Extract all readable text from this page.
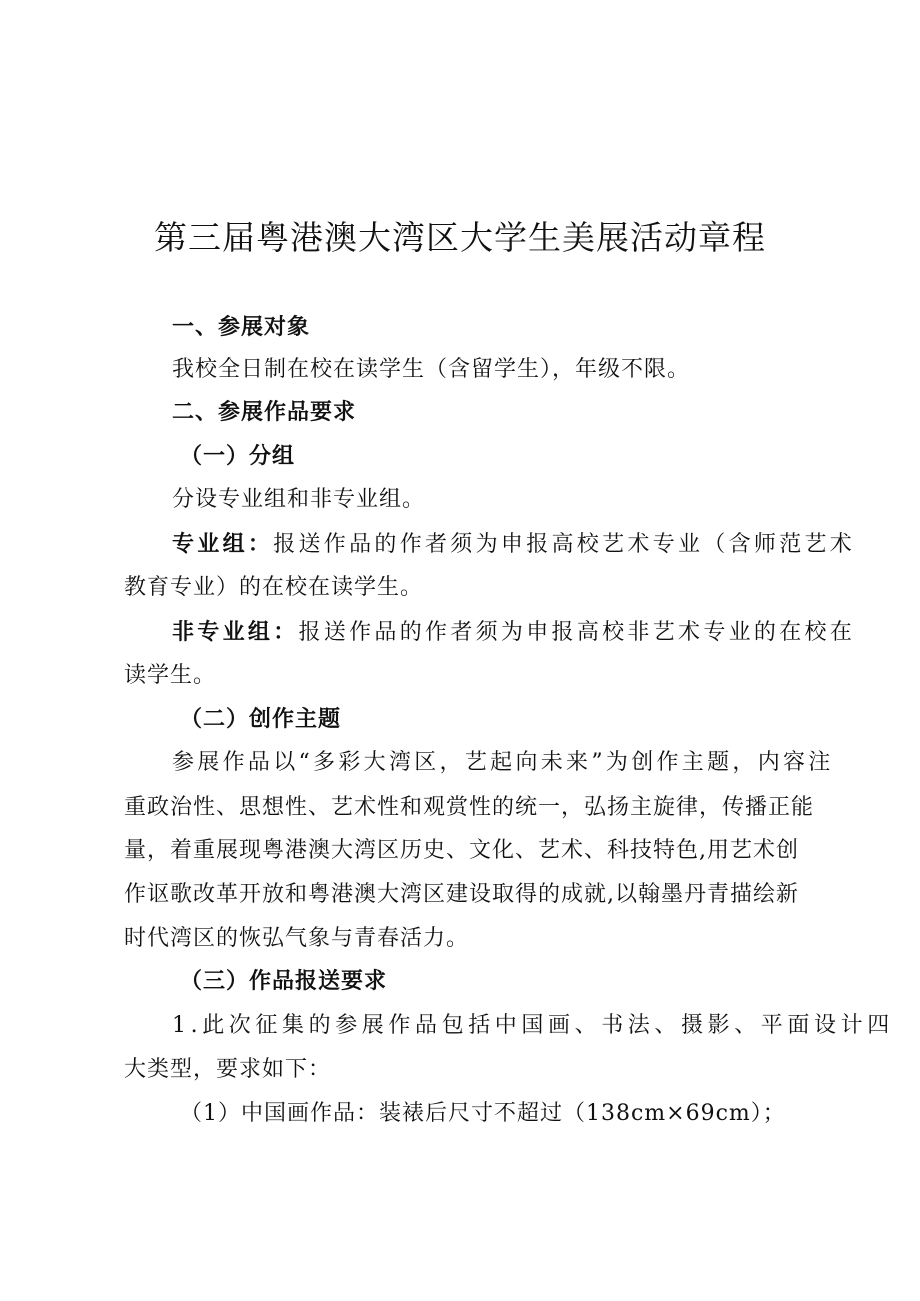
第三届粤港澳大湾区大学生美展活动章程

一、参展对象

我校全日制在校在读学生（含留学生），年级不限。

二、参展作品要求

（一）分组

分设专业组和非专业组。

专业组：报送作品的作者须为申报高校艺术专业（含师范艺术

教育专业）的在校在读学生。

非专业组：报送作品的作者须为申报高校非艺术专业的在校在

读学生。

（二）创作主题

参展作品以“多彩大湾区，艺起向未来”为创作主题，内容注

重政治性、思想性、艺术性和观赏性的统一，弘扬主旋律，传播正能

量，着重展现粤港澳大湾区历史、文化、艺术、科技特色,用艺术创

作讴歌改革开放和粤港澳大湾区建设取得的成就,以翰墨丹青描绘新

时代湾区的恢弘气象与青春活力。

（三）作品报送要求

1.此次征集的参展作品包括中国画、书法、摄影、平面设计四

大类型，要求如下：

（1）中国画作品：装裱后尺寸不超过（138cm×69cm）；
